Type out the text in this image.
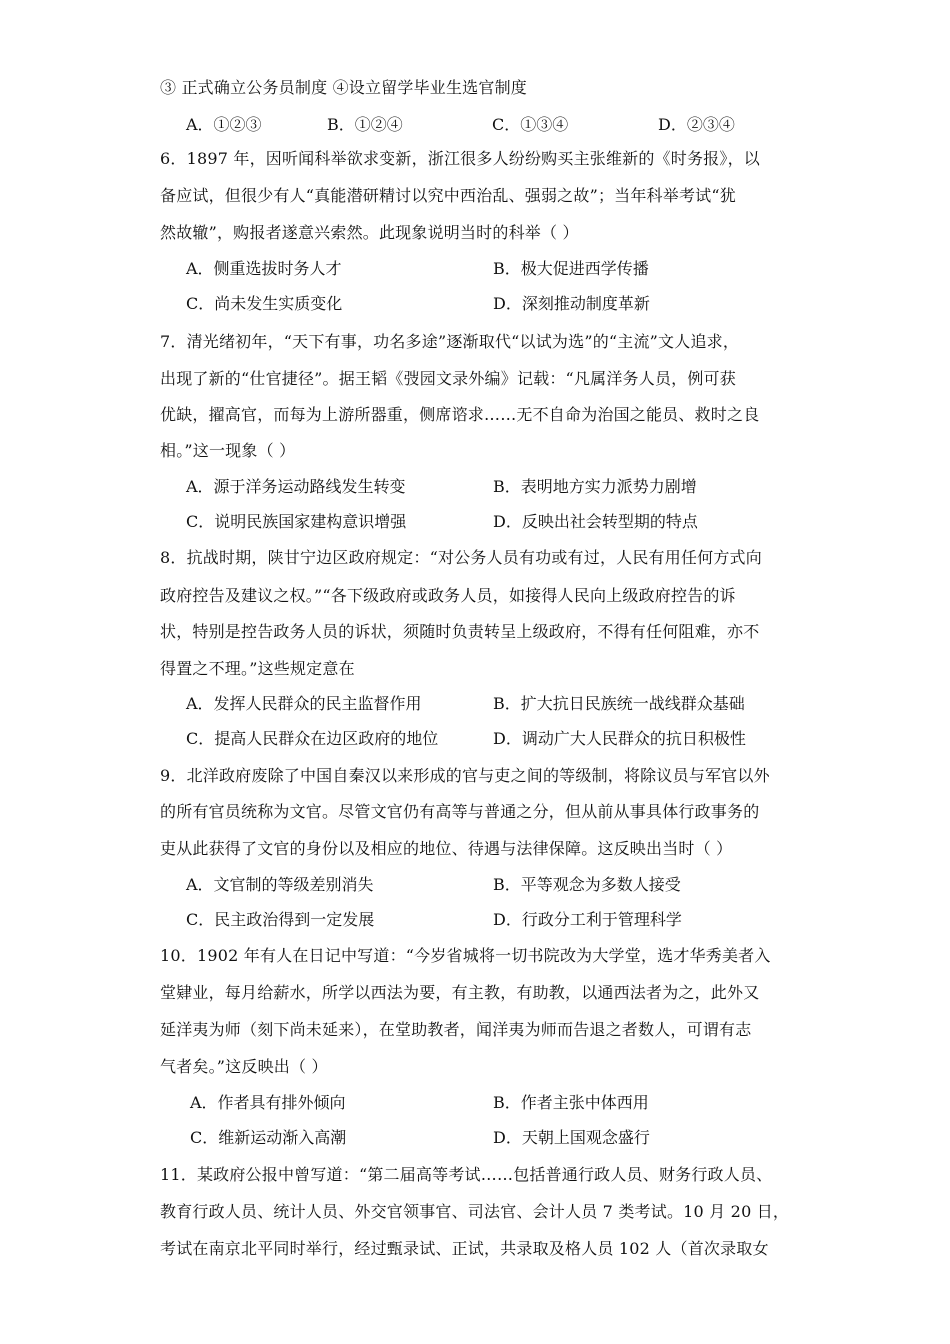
③ 正式确立公务员制度 ④设立留学毕业生选官制度
A．①②③	B．①②④	C．①③④	D．②③④
6．1897 年，因听闻科举欲求变新，浙江很多人纷纷购买主张维新的《时务报》，以
备应试，但很少有人“真能潜研精讨以究中西治乱、强弱之故”；当年科举考试“犹
然故辙”，购报者遂意兴索然。此现象说明当时的科举（ ）
A．侧重选拔时务人才	B．极大促进西学传播
C．尚未发生实质变化	D．深刻推动制度革新
7．清光绪初年，“天下有事，功名多途”逐渐取代“以试为选”的“主流”文人追求，
出现了新的“仕官捷径”。据王韬《弢园文录外编》记载：“凡属洋务人员，例可获
优缺，擢高官，而每为上游所器重，侧席谘求……无不自命为治国之能员、救时之良
相。”这一现象（ ）
A．源于洋务运动路线发生转变	B．表明地方实力派势力剧增
C．说明民族国家建构意识增强	D．反映出社会转型期的特点
8．抗战时期，陕甘宁边区政府规定：“对公务人员有功或有过，人民有用任何方式向
政府控告及建议之权。”“各下级政府或政务人员，如接得人民向上级政府控告的诉
状，特别是控告政务人员的诉状，须随时负责转呈上级政府，不得有任何阻难，亦不
得置之不理。”这些规定意在
A．发挥人民群众的民主监督作用	B．扩大抗日民族统一战线群众基础
C．提高人民群众在边区政府的地位	D．调动广大人民群众的抗日积极性
9．北洋政府废除了中国自秦汉以来形成的官与吏之间的等级制，将除议员与军官以外
的所有官员统称为文官。尽管文官仍有高等与普通之分，但从前从事具体行政事务的
吏从此获得了文官的身份以及相应的地位、待遇与法律保障。这反映出当时（ ）
A．文官制的等级差别消失	B．平等观念为多数人接受
C．民主政治得到一定发展	D．行政分工利于管理科学
10．1902 年有人在日记中写道：“今岁省城将一切书院改为大学堂，选才华秀美者入
堂肄业，每月给薪水，所学以西法为要，有主教，有助教，以通西法者为之，此外又
延洋夷为师（刻下尚未延来），在堂助教者，闻洋夷为师而告退之者数人，可谓有志
气者矣。”这反映出（ ）
A．作者具有排外倾向	B．作者主张中体西用
C．维新运动渐入高潮	D．天朝上国观念盛行
11．某政府公报中曾写道：“第二届高等考试……包括普通行政人员、财务行政人员、
教育行政人员、统计人员、外交官领事官、司法官、会计人员 7 类考试。10 月 20 日，
考试在南京北平同时举行，经过甄录试、正试，共录取及格人员 102 人（首次录取女
